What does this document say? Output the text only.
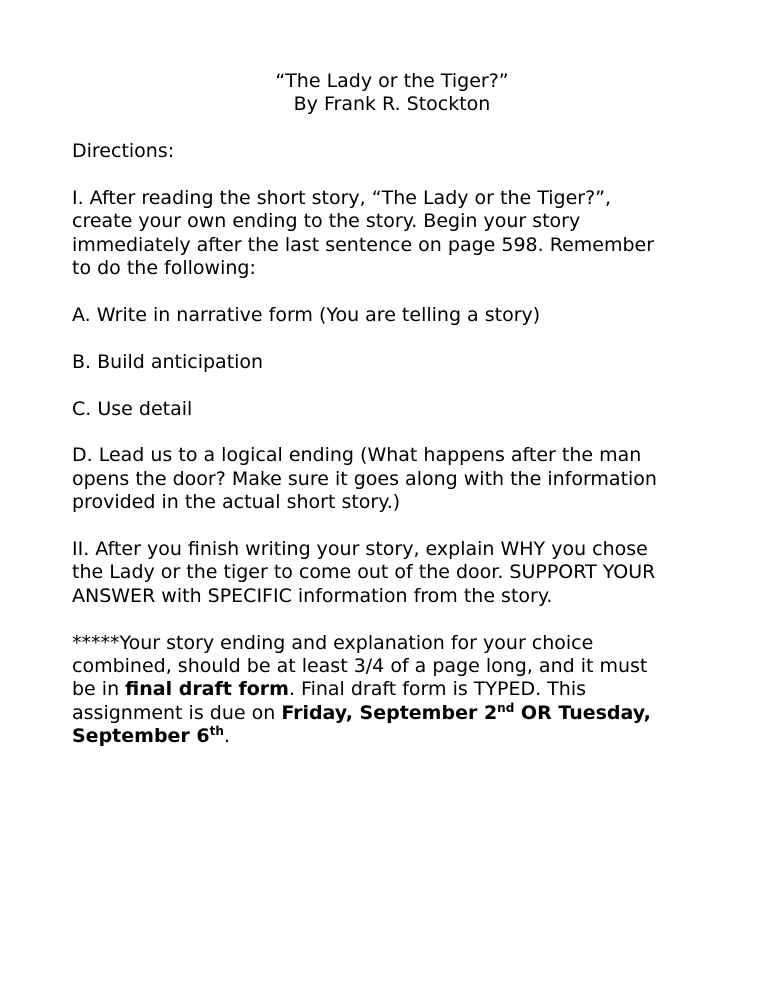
“The Lady or the Tiger?”
By Frank R. Stockton

Directions:

I. After reading the short story, “The Lady or the Tiger?”,
create your own ending to the story. Begin your story
immediately after the last sentence on page 598. Remember
to do the following:

A. Write in narrative form (You are telling a story)

B. Build anticipation

C. Use detail

D. Lead us to a logical ending (What happens after the man
opens the door? Make sure it goes along with the information
provided in the actual short story.)

II. After you finish writing your story, explain WHY you chose
the Lady or the tiger to come out of the door. SUPPORT YOUR
ANSWER with SPECIFIC information from the story.

*****Your story ending and explanation for your choice
combined, should be at least 3/4 of a page long, and it must
be in final draft form. Final draft form is TYPED. This
assignment is due on Friday, September 2nd OR Tuesday,
September 6th.
